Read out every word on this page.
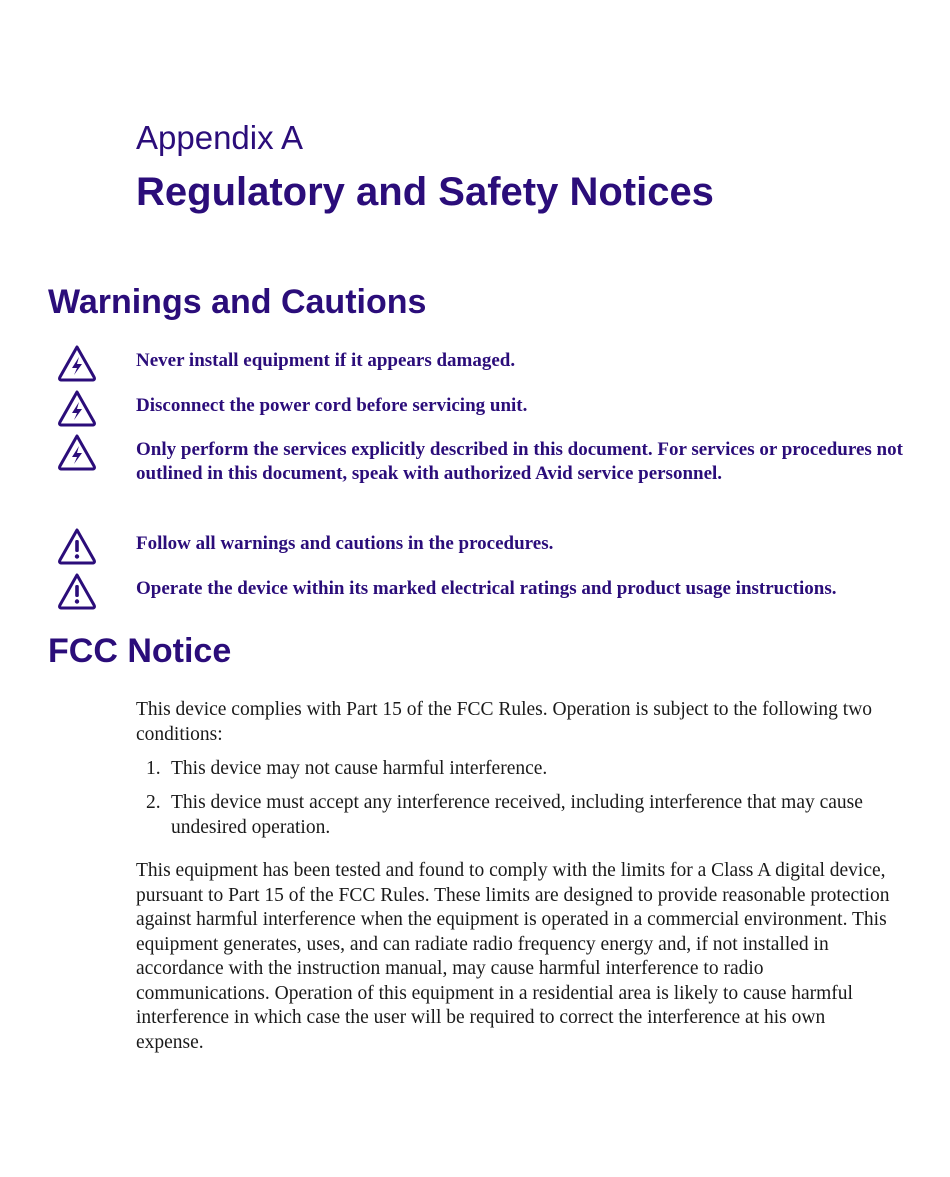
Appendix A
Regulatory and Safety Notices
Warnings and Cautions
Never install equipment if it appears damaged.
Disconnect the power cord before servicing unit.
Only perform the services explicitly described in this document. For services or procedures not outlined in this document, speak with authorized Avid service personnel.
Follow all warnings and cautions in the procedures.
Operate the device within its marked electrical ratings and product usage instructions.
FCC Notice

This device complies with Part 15 of the FCC Rules. Operation is subject to the following two conditions:

1. This device may not cause harmful interference.
2. This device must accept any interference received, including interference that may cause undesired operation.

This equipment has been tested and found to comply with the limits for a Class A digital device, pursuant to Part 15 of the FCC Rules. These limits are designed to provide reasonable protection against harmful interference when the equipment is operated in a commercial environment. This equipment generates, uses, and can radiate radio frequency energy and, if not installed in accordance with the instruction manual, may cause harmful interference to radio communications. Operation of this equipment in a residential area is likely to cause harmful interference in which case the user will be required to correct the interference at his own expense.
